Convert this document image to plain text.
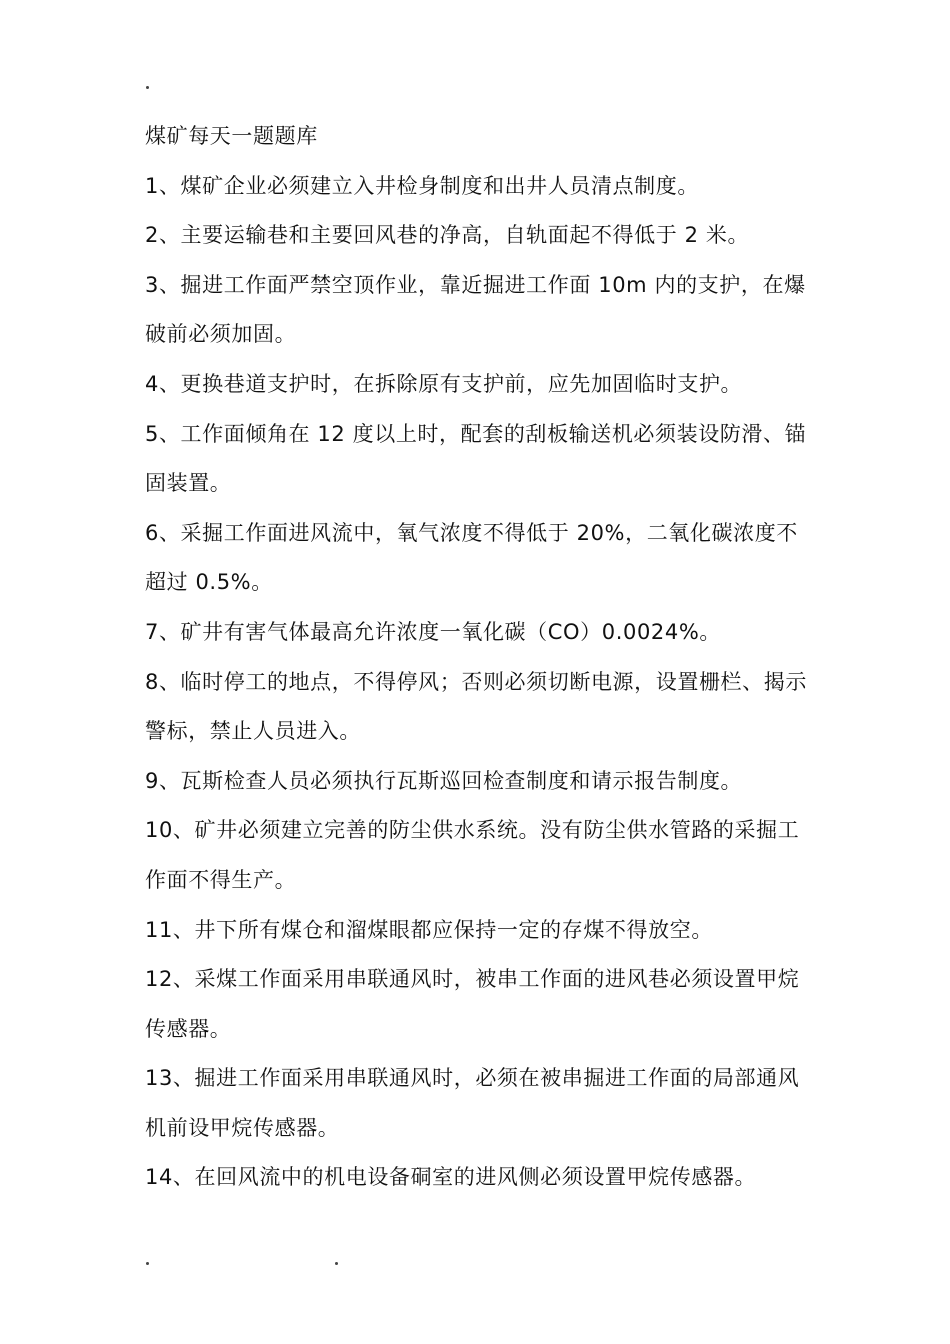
煤矿每天一题题库

1、煤矿企业必须建立入井检身制度和出井人员清点制度。

2、主要运输巷和主要回风巷的净高，自轨面起不得低于 2 米。

3、掘进工作面严禁空顶作业，靠近掘进工作面 10m 内的支护，在爆破前必须加固。

4、更换巷道支护时，在拆除原有支护前，应先加固临时支护。

5、工作面倾角在 12 度以上时，配套的刮板输送机必须装设防滑、锚固装置。

6、采掘工作面进风流中，氧气浓度不得低于 20%，二氧化碳浓度不超过 0.5%。

7、矿井有害气体最高允许浓度一氧化碳（CO）0.0024%。

8、临时停工的地点，不得停风；否则必须切断电源，设置栅栏、揭示警标，禁止人员进入。

9、瓦斯检查人员必须执行瓦斯巡回检查制度和请示报告制度。

10、矿井必须建立完善的防尘供水系统。没有防尘供水管路的采掘工作面不得生产。

11、井下所有煤仓和溜煤眼都应保持一定的存煤不得放空。

12、采煤工作面采用串联通风时，被串工作面的进风巷必须设置甲烷传感器。

13、掘进工作面采用串联通风时，必须在被串掘进工作面的局部通风机前设甲烷传感器。

14、在回风流中的机电设备硐室的进风侧必须设置甲烷传感器。
